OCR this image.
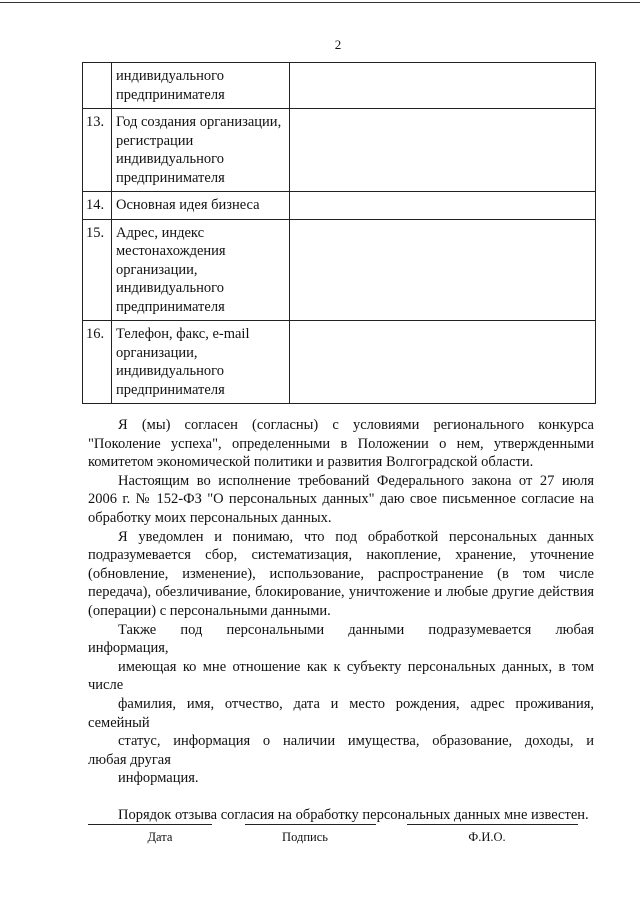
2
	индивидуального предпринимателя	
13.	Год создания организации, регистрации индивидуального предпринимателя	
14.	Основная идея бизнеса	
15.	Адрес, индекс местонахождения организации, индивидуального предпринимателя	
16.	Телефон, факс, e-mail организации, индивидуального предпринимателя	

Я (мы) согласен (согласны) с условиями регионального конкурса "Поколение успеха", определенными в Положении о нем, утвержденными комитетом экономической политики и развития Волгоградской области.

Настоящим во исполнение требований Федерального закона от 27 июля 2006 г. № 152-ФЗ "О персональных данных" даю свое письменное согласие на обработку моих персональных данных.

Я уведомлен и понимаю, что под обработкой персональных данных подразумевается сбор, систематизация, накопление, хранение, уточнение (обновление, изменение), использование, распространение (в том числе передача), обезличивание, блокирование, уничтожение и любые другие действия (операции) с персональными данными.

Также под персональными данными подразумевается любая

информация,

имеющая ко мне отношение как к субъекту персональных данных, в том

числе

фамилия, имя, отчество, дата и место рождения, адрес проживания,

семейный

статус, информация о наличии имущества, образование, доходы, и

любая другая

информация.

Порядок отзыва согласия на обработку персональных данных мне известен.

Дата	Подпись	Ф.И.О.
